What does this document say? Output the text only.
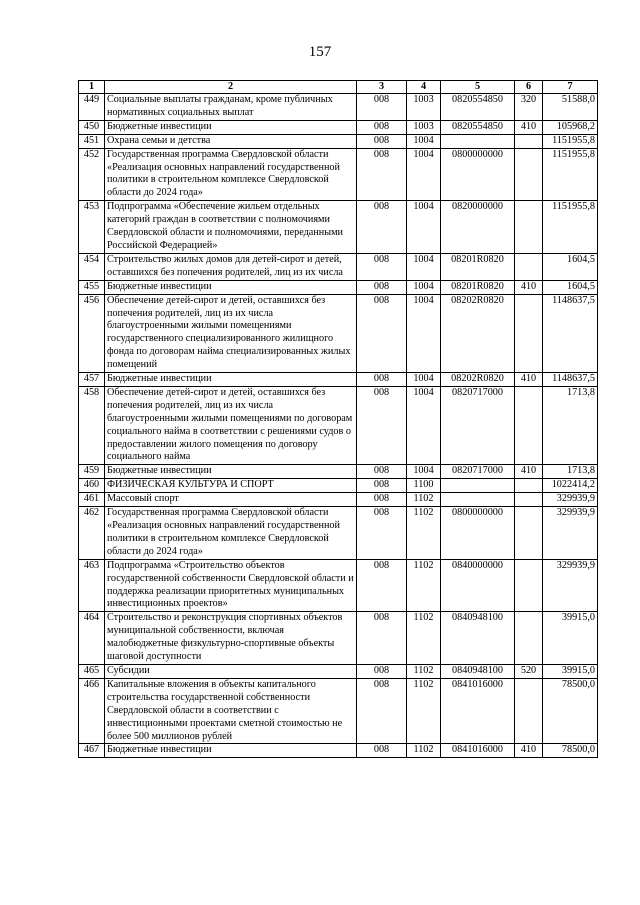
157
1	2	3	4	5	6	7
449	Социальные выплаты гражданам, кроме публичных нормативных социальных выплат	008	1003	0820554850	320	51588,0
450	Бюджетные инвестиции	008	1003	0820554850	410	105968,2
451	Охрана семьи и детства	008	1004			1151955,8
452	Государственная программа Свердловской области «Реализация основных направлений государственной политики в строительном комплексе Свердловской области до 2024 года»	008	1004	0800000000		1151955,8
453	Подпрограмма «Обеспечение жильем отдельных категорий граждан в соответствии с полномочиями Свердловской области и полномочиями, переданными Российской Федерацией»	008	1004	0820000000		1151955,8
454	Строительство жилых домов для детей-сирот и детей, оставшихся без попечения родителей, лиц из их числа	008	1004	08201R0820		1604,5
455	Бюджетные инвестиции	008	1004	08201R0820	410	1604,5
456	Обеспечение детей-сирот и детей, оставшихся без попечения родителей, лиц из их числа благоустроенными жилыми помещениями государственного специализированного жилищного фонда по договорам найма специализированных жилых помещений	008	1004	08202R0820		1148637,5
457	Бюджетные инвестиции	008	1004	08202R0820	410	1148637,5
458	Обеспечение детей-сирот и детей, оставшихся без попечения родителей, лиц из их числа благоустроенными жилыми помещениями по договорам социального найма в соответствии с решениями судов о предоставлении жилого помещения по договору социального найма	008	1004	0820717000		1713,8
459	Бюджетные инвестиции	008	1004	0820717000	410	1713,8
460	ФИЗИЧЕСКАЯ КУЛЬТУРА И СПОРТ	008	1100			1022414,2
461	Массовый спорт	008	1102			329939,9
462	Государственная программа Свердловской области «Реализация основных направлений государственной политики в строительном комплексе Свердловской области до 2024 года»	008	1102	0800000000		329939,9
463	Подпрограмма «Строительство объектов государственной собственности Свердловской области и поддержка реализации приоритетных муниципальных инвестиционных проектов»	008	1102	0840000000		329939,9
464	Строительство и реконструкция спортивных объектов муниципальной собственности, включая малобюджетные физкультурно-спортивные объекты шаговой доступности	008	1102	0840948100		39915,0
465	Субсидии	008	1102	0840948100	520	39915,0
466	Капитальные вложения в объекты капитального строительства государственной собственности Свердловской области в соответствии с инвестиционными проектами сметной стоимостью не более 500 миллионов рублей	008	1102	0841016000		78500,0
467	Бюджетные инвестиции	008	1102	0841016000	410	78500,0
